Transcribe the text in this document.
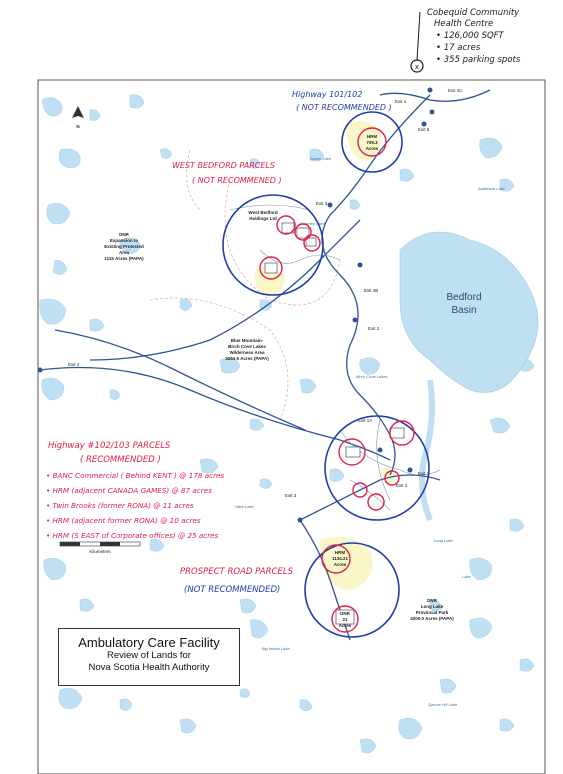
Exit 4C
Exit 4
Exit 3
Exit 2B
Exit 2
Exit 1A
Exit 1
Exit 5
Exit 3
Exit 2
Exit 4
HRM
709.3
Acres
West Bedford
Holdings Ltd
DNR
Expansion to
Existing Protected
Area
1115 Acres (PAPA)
Blue Mountain-
Birch Cove Lakes
Wilderness Area
3264 6 Acres (PAPA)
Bedford
Basin
HRM
1134.21
Acres
DNR
21
Acres
DNR
Long Lake
Provincial Park
4200.0 Acres (PAPA)
Sandy Lake
Anderson Lake
Birch Cove Lakes
Kearney Lake
Otter Lake
Big Indian Lake
Spruce Hill Lake
Long Lake
Lake
N
Kilometres
x
Cobequid Community
Health Centre
• 126,000 SQFT
• 17 acres
• 355 parking spots
Highway 101/102
( NOT RECOMMENDED )
WEST BEDFORD PARCELS
( NOT RECOMMENED )
Highway #102/103 PARCELS
( RECOMMENDED )
• BANC Commercial ( Behind KENT ) @ 178 acres
• HRM (adjacent CANADA GAMES) @ 87 acres
• Twin Brooks (former RONA) @ 11 acres
• HRM (adjacent former RONA) @ 10 acres
• HRM (S EAST of Corporate offices) @ 25 acres
PROSPECT ROAD PARCELS
(NOT RECOMMENDED)
Ambulatory Care Facility
Review of Lands for
Nova Scotia Health Authority
